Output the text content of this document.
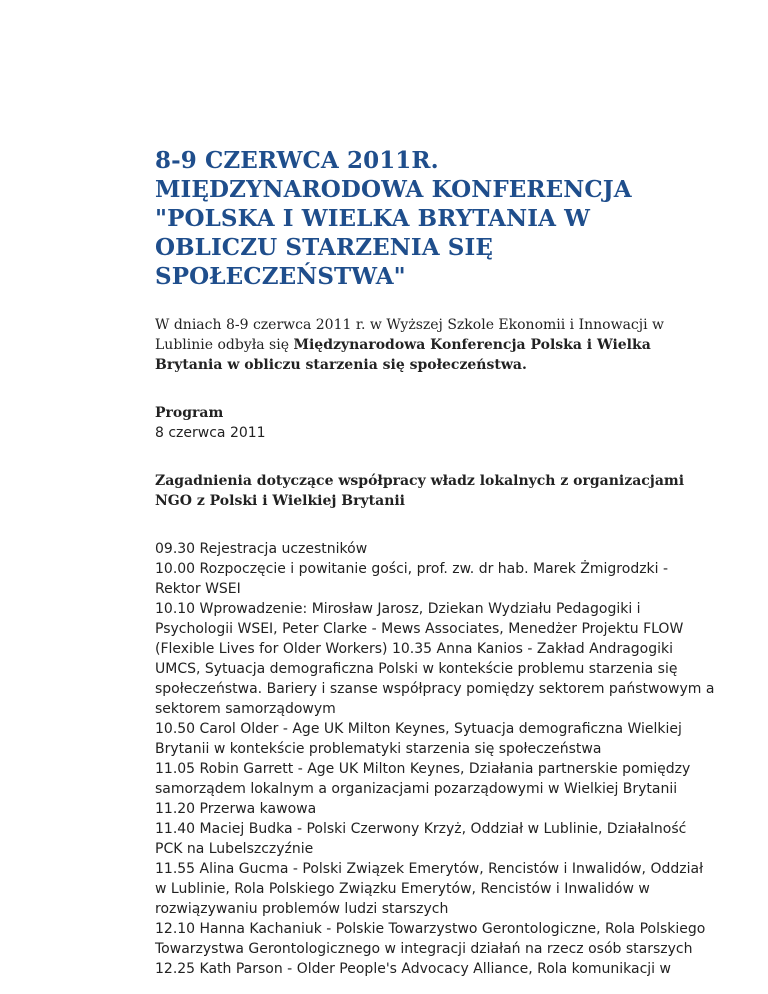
8-9 CZERWCA 2011R. MIĘDZYNARODOWA KONFERENCJA "POLSKA I WIELKA BRYTANIA W OBLICZU STARZENIA SIĘ SPOŁECZEŃSTWA"

W dniach 8-9 czerwca 2011 r. w Wyższej Szkole Ekonomii i Innowacji w Lublinie odbyła się Międzynarodowa Konferencja Polska i Wielka Brytania w obliczu starzenia się społeczeństwa.

Program
8 czerwca 2011

Zagadnienia dotyczące współpracy władz lokalnych z organizacjami NGO z Polski i Wielkiej Brytanii

09.30 Rejestracja uczestników
10.00 Rozpoczęcie i powitanie gości, prof. zw. dr hab. Marek Żmigrodzki - Rektor WSEI
10.10 Wprowadzenie: Mirosław Jarosz, Dziekan Wydziału Pedagogiki i Psychologii WSEI, Peter Clarke - Mews Associates, Menedżer Projektu FLOW (Flexible Lives for Older Workers) 10.35 Anna Kanios - Zakład Andragogiki UMCS, Sytuacja demograficzna Polski w kontekście problemu starzenia się społeczeństwa. Bariery i szanse współpracy pomiędzy sektorem państwowym a sektorem samorządowym
10.50 Carol Older - Age UK Milton Keynes, Sytuacja demograficzna Wielkiej Brytanii w kontekście problematyki starzenia się społeczeństwa
11.05 Robin Garrett - Age UK Milton Keynes, Działania partnerskie pomiędzy samorządem lokalnym a organizacjami pozarządowymi w Wielkiej Brytanii
11.20 Przerwa kawowa
11.40 Maciej Budka - Polski Czerwony Krzyż, Oddział w Lublinie, Działalność PCK na Lubelszczyźnie
11.55 Alina Gucma - Polski Związek Emerytów, Rencistów i Inwalidów, Oddział w Lublinie, Rola Polskiego Związku Emerytów, Rencistów i Inwalidów w rozwiązywaniu problemów ludzi starszych
12.10 Hanna Kachaniuk - Polskie Towarzystwo Gerontologiczne, Rola Polskiego Towarzystwa Gerontologicznego w integracji działań na rzecz osób starszych
12.25 Kath Parson - Older People's Advocacy Alliance, Rola komunikacji w
